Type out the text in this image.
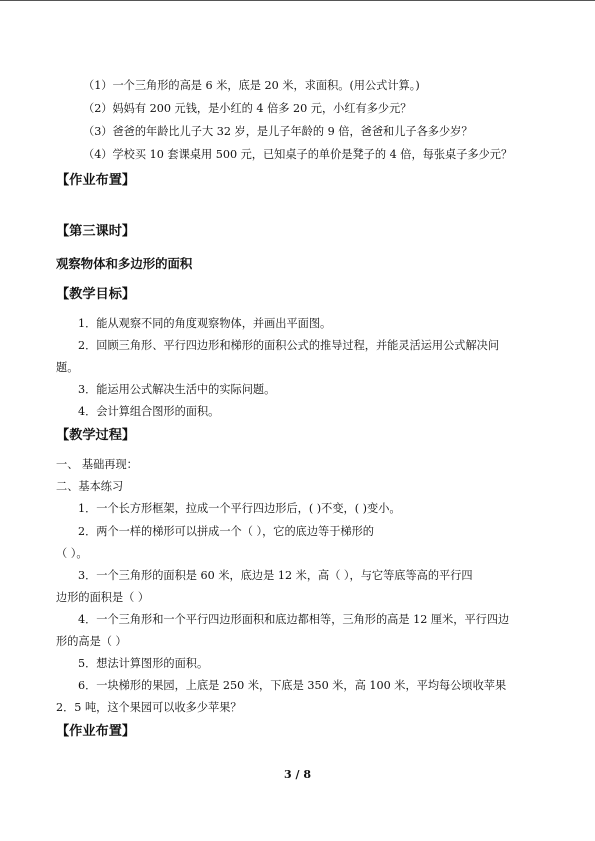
（1）一个三角形的高是 6 米，底是 20 米，求面积。(用公式计算。)
（2）妈妈有 200 元钱，是小红的 4 倍多 20 元，小红有多少元？
（3）爸爸的年龄比儿子大 32 岁，是儿子年龄的 9 倍，爸爸和儿子各多少岁？
（4）学校买 10 套课桌用 500 元，已知桌子的单价是凳子的 4 倍，每张桌子多少元？
【作业布置】
【第三课时】
观察物体和多边形的面积
【教学目标】
1．能从观察不同的角度观察物体，并画出平面图。
2．回顾三角形、平行四边形和梯形的面积公式的推导过程，并能灵活运用公式解决问
题。
3．能运用公式解决生活中的实际问题。
4．会计算组合图形的面积。
【教学过程】
一、 基础再现：
二、基本练习
1．一个长方形框架，拉成一个平行四边形后，( )不变，( )变小。
2．两个一样的梯形可以拼成一个（ ），它的底边等于梯形的
（ ）。
3．一个三角形的面积是 60 米，底边是 12 米，高（ ），与它等底等高的平行四
边形的面积是（ ）
4．一个三角形和一个平行四边形面积和底边都相等，三角形的高是 12 厘米，平行四边
形的高是（ ）
5．想法计算图形的面积。
6．一块梯形的果园，上底是 250 米，下底是 350 米，高 100 米，平均每公顷收苹果
2．5 吨，这个果园可以收多少苹果？
【作业布置】
3 / 8
